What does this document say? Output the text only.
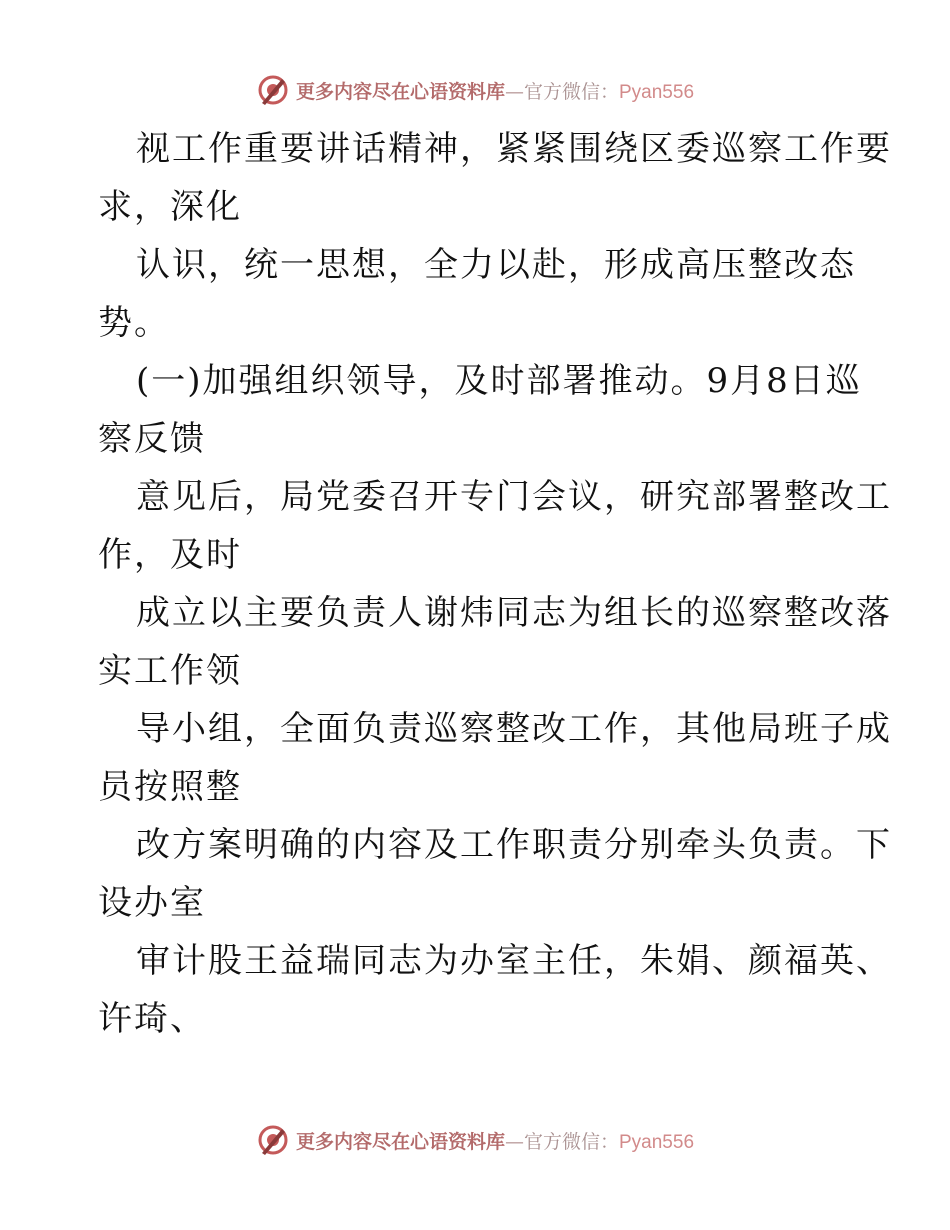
更多内容尽在心语资料库—官方微信：Pyan556
视工作重要讲话精神，紧紧围绕区委巡察工作要
求，深化
认识，统一思想，全力以赴，形成高压整改态
势。
(一)加强组织领导，及时部署推动。9月8日巡
察反馈
意见后，局党委召开专门会议，研究部署整改工
作，及时
成立以主要负责人谢炜同志为组长的巡察整改落
实工作领
导小组，全面负责巡察整改工作，其他局班子成
员按照整
改方案明确的内容及工作职责分别牵头负责。下
设办室
审计股王益瑞同志为办室主任，朱娟、颜福英、
许琦、
更多内容尽在心语资料库—官方微信：Pyan556
